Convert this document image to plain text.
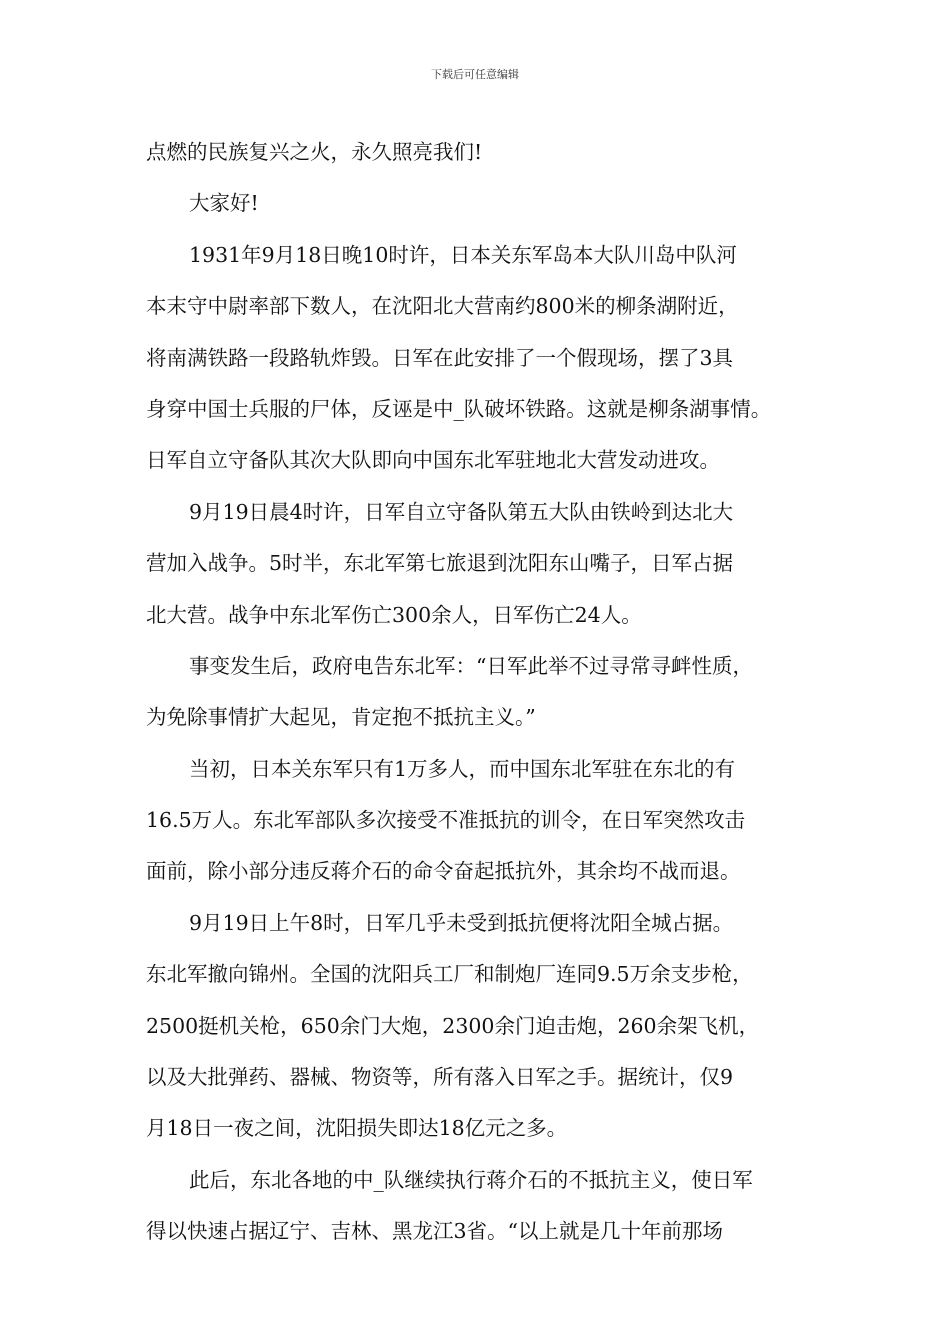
下载后可任意编辑
点燃的民族复兴之火，永久照亮我们!
大家好!
1931年9月18日晚10时许，日本关东军岛本大队川岛中队河
本末守中尉率部下数人，在沈阳北大营南约800米的柳条湖附近，
将南满铁路一段路轨炸毁。日军在此安排了一个假现场，摆了3具
身穿中国士兵服的尸体，反诬是中_队破坏铁路。这就是柳条湖事情。
日军自立守备队其次大队即向中国东北军驻地北大营发动进攻。
9月19日晨4时许，日军自立守备队第五大队由铁岭到达北大
营加入战争。5时半，东北军第七旅退到沈阳东山嘴子，日军占据
北大营。战争中东北军伤亡300余人，日军伤亡24人。
事变发生后，政府电告东北军：“日军此举不过寻常寻衅性质，
为免除事情扩大起见，肯定抱不抵抗主义。”
当初，日本关东军只有1万多人，而中国东北军驻在东北的有
16.5万人。东北军部队多次接受不准抵抗的训令，在日军突然攻击
面前，除小部分违反蒋介石的命令奋起抵抗外，其余均不战而退。
9月19日上午8时，日军几乎未受到抵抗便将沈阳全城占据。
东北军撤向锦州。全国的沈阳兵工厂和制炮厂连同9.5万余支步枪，
2500挺机关枪，650余门大炮，2300余门迫击炮，260余架飞机，
以及大批弹药、器械、物资等，所有落入日军之手。据统计，仅9
月18日一夜之间，沈阳损失即达18亿元之多。
此后，东北各地的中_队继续执行蒋介石的不抵抗主义，使日军
得以快速占据辽宁、吉林、黑龙江3省。“以上就是几十年前那场
